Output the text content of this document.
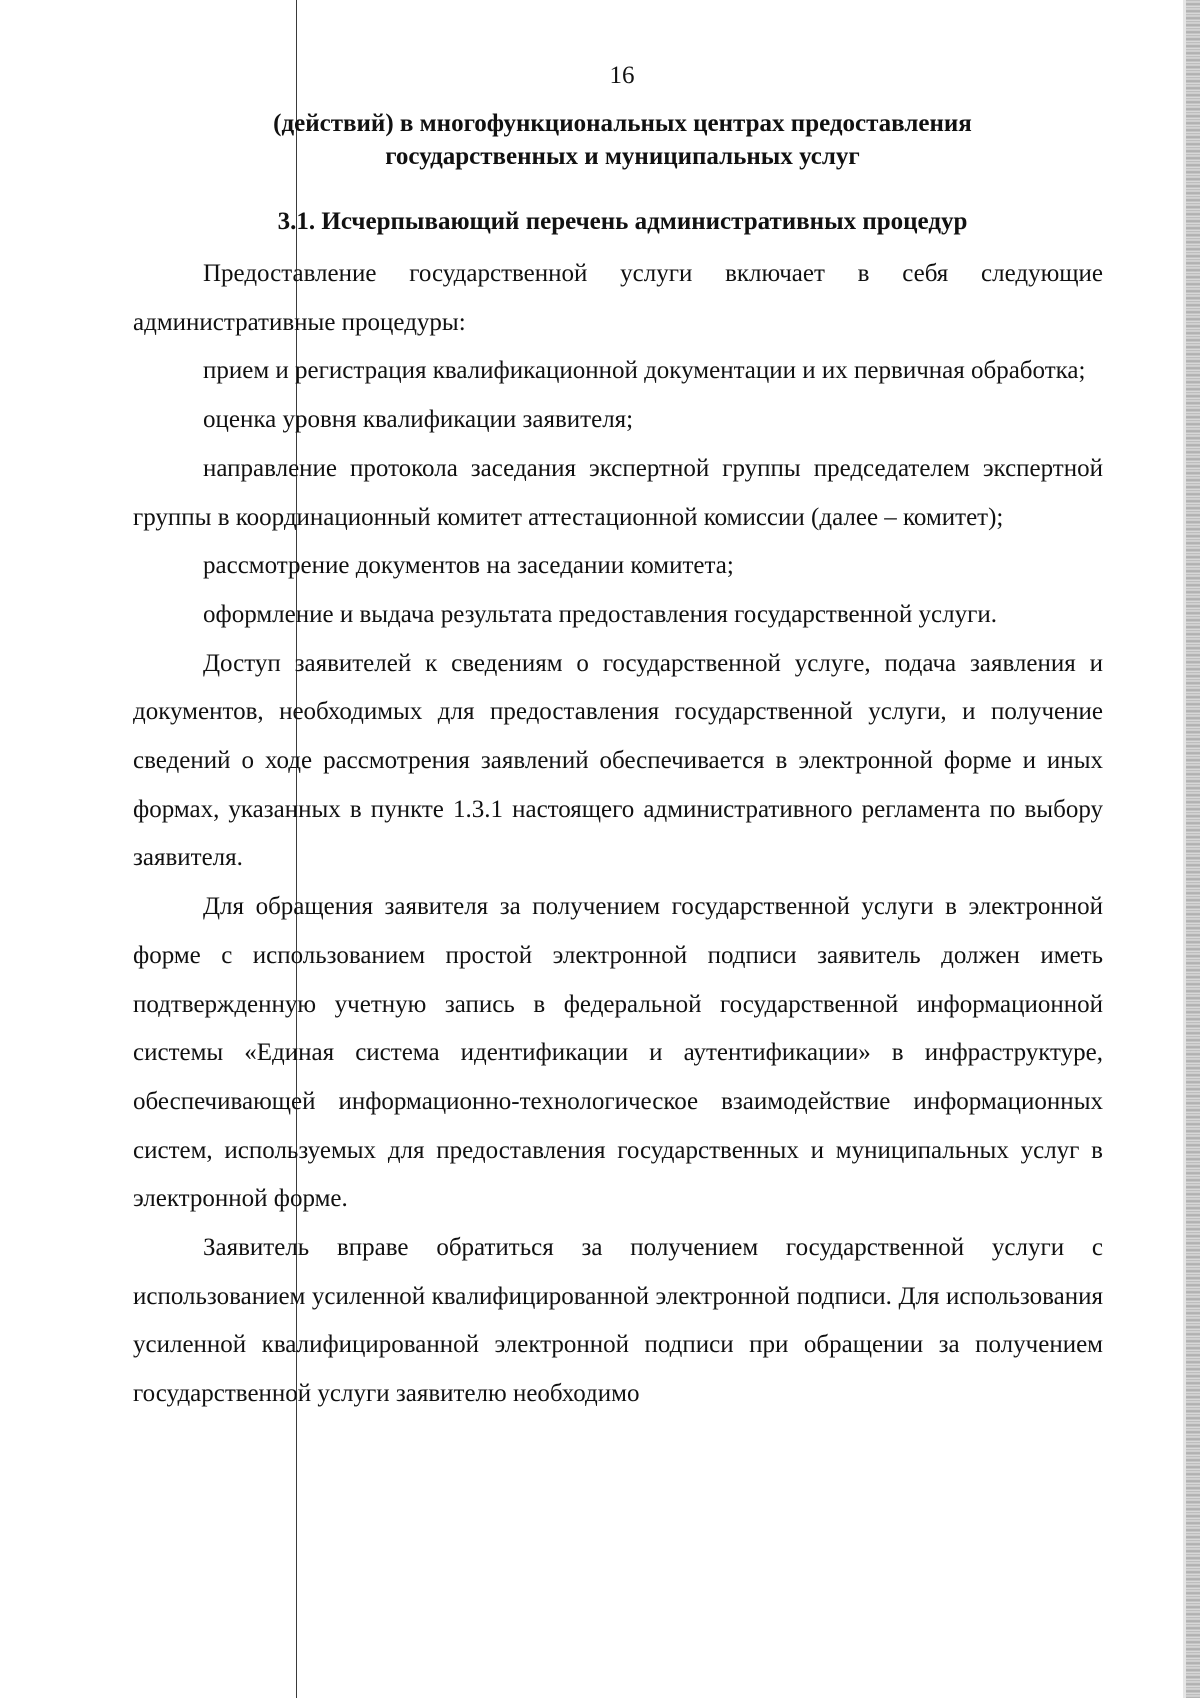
16
(действий) в многофункциональных центрах предоставления
государственных и муниципальных услуг
3.1. Исчерпывающий перечень административных процедур

Предоставление государственной услуги включает в себя следующие административные процедуры:

прием и регистрация квалификационной документации и их первичная обработка;

оценка уровня квалификации заявителя;

направление протокола заседания экспертной группы председателем экспертной группы в координационный комитет аттестационной комиссии (далее – комитет);

рассмотрение документов на заседании комитета;

оформление и выдача результата предоставления государственной услуги.

Доступ заявителей к сведениям о государственной услуге, подача заявления и документов, необходимых для предоставления государственной услуги, и получение сведений о ходе рассмотрения заявлений обеспечивается в электронной форме и иных формах, указанных в пункте 1.3.1 настоящего административного регламента по выбору заявителя.

Для обращения заявителя за получением государственной услуги в электронной форме с использованием простой электронной подписи заявитель должен иметь подтвержденную учетную запись в федеральной государственной информационной системы «Единая система идентификации и аутентификации» в инфраструктуре, обеспечивающей информационно-технологическое взаимодействие информационных систем, используемых для предоставления государственных и муниципальных услуг в электронной форме.

Заявитель вправе обратиться за получением государственной услуги с использованием усиленной квалифицированной электронной подписи. Для использования усиленной квалифицированной электронной подписи при обращении за получением государственной услуги заявителю необходимо
